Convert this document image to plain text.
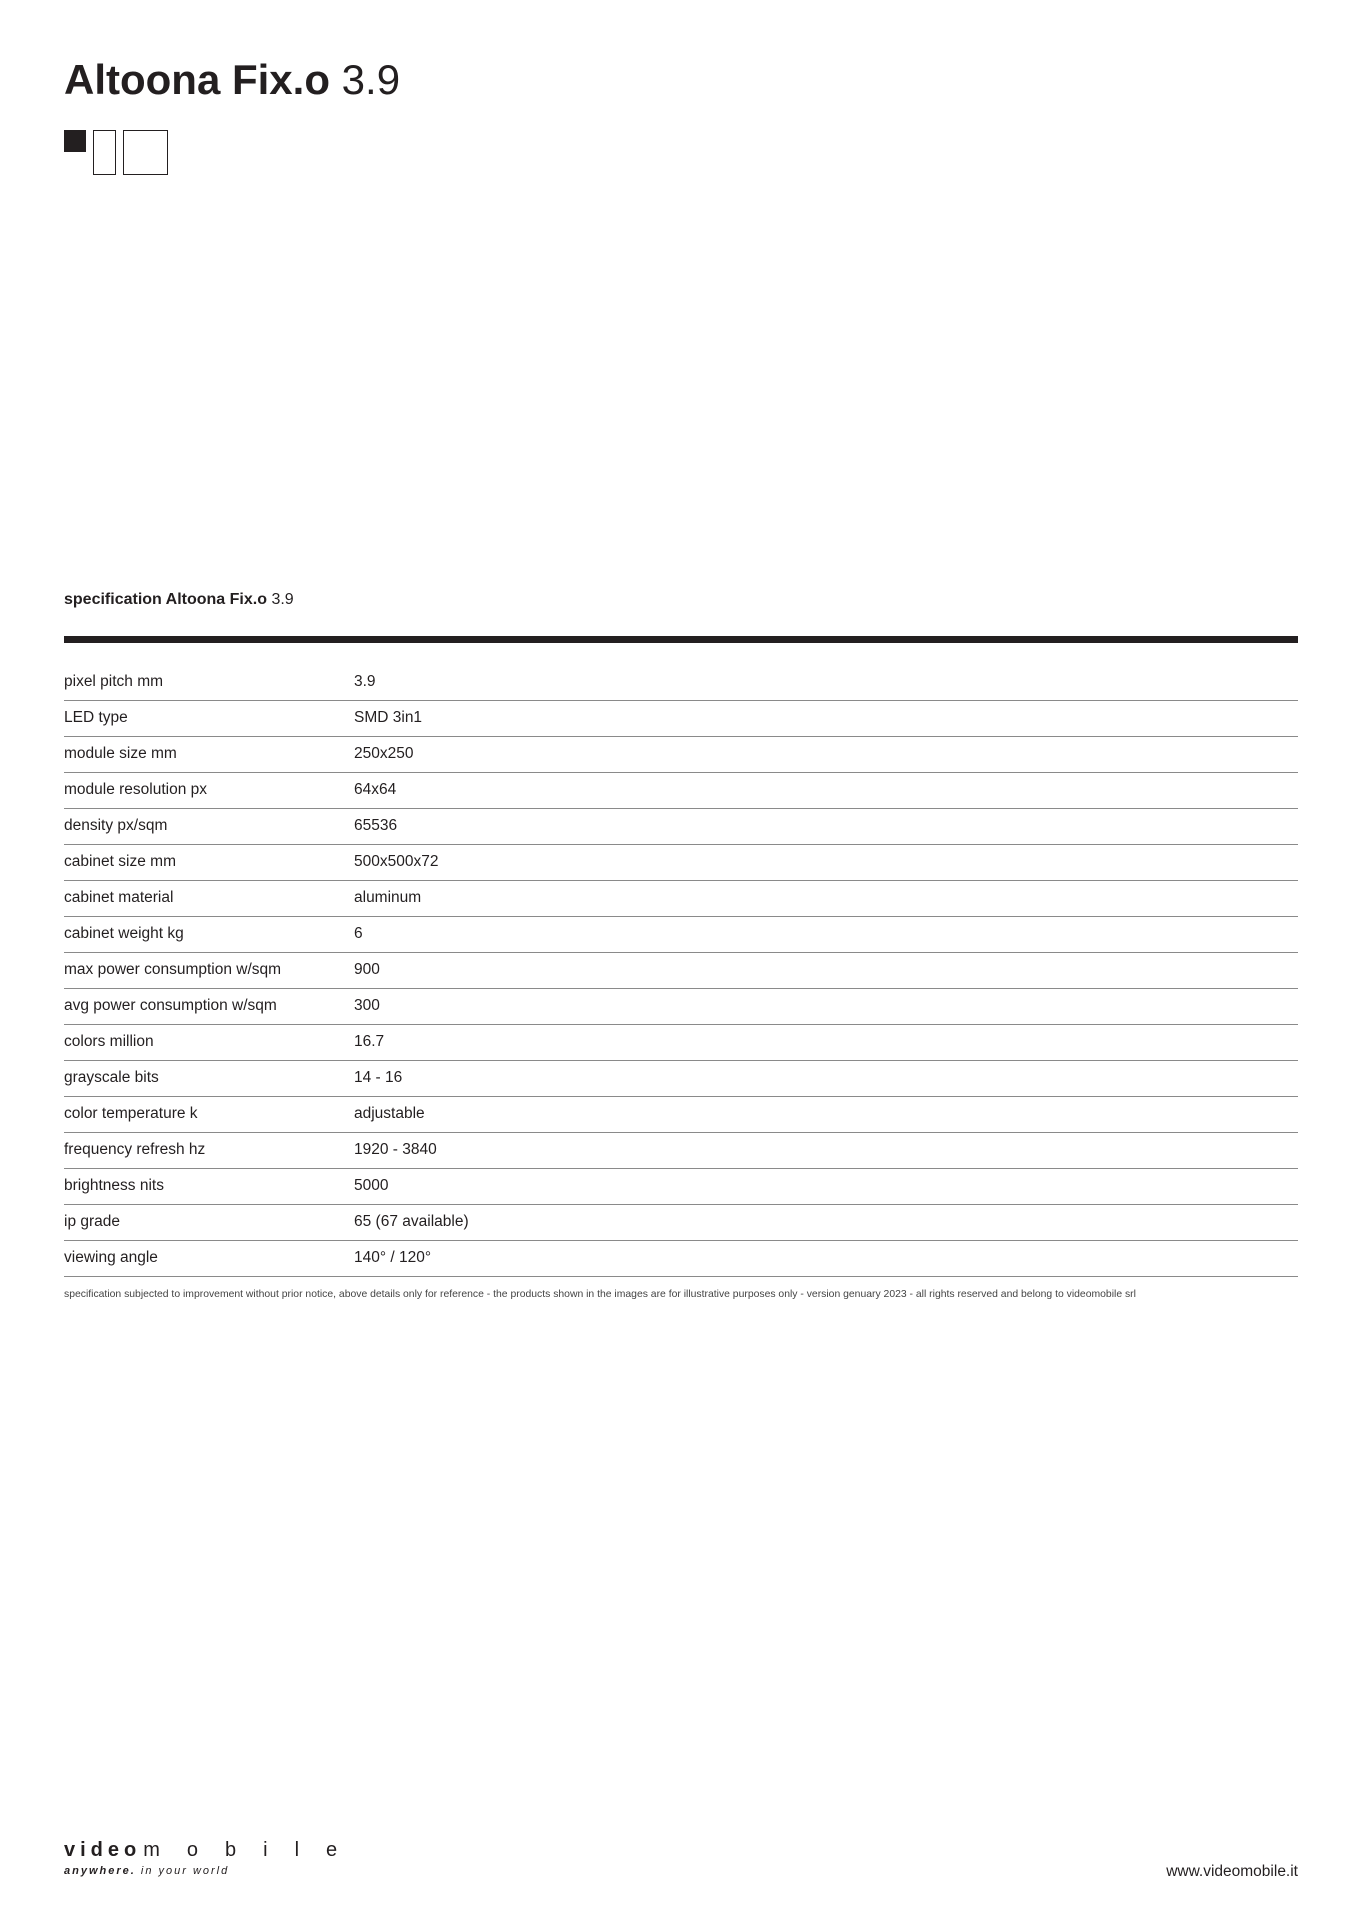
Altoona Fix.o 3.9
specification Altoona Fix.o 3.9
pixel pitch mm	3.9
LED type	SMD 3in1
module size mm	250x250
module resolution px	64x64
density px/sqm	65536
cabinet size mm	500x500x72
cabinet material	aluminum
cabinet weight kg	6
max power consumption w/sqm	900
avg power consumption w/sqm	300
colors million	16.7
grayscale bits	14 - 16
color temperature k	adjustable
frequency refresh hz	1920 - 3840
brightness nits	5000
ip grade	65 (67 available)
viewing angle	140° / 120°
specification subjected to improvement without prior notice, above details only for reference - the products shown in the images are for illustrative purposes only - version genuary 2023 - all rights reserved and belong to videomobile srl
video mobile
anywhere. in your world	www.videomobile.it
